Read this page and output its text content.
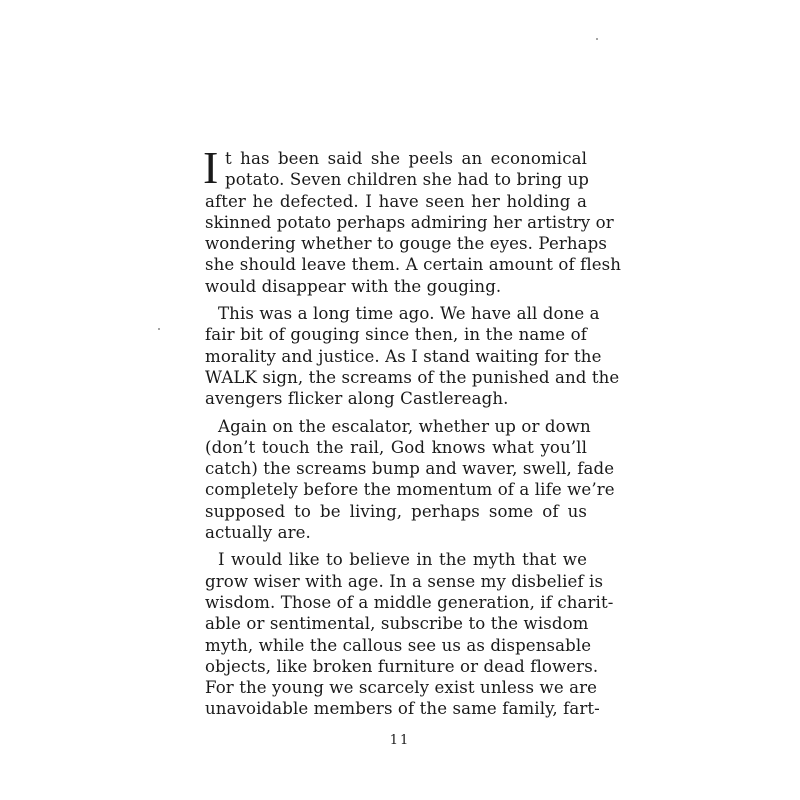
I t has been said she peels an economical
potato. Seven children she had to bring up
after he defected. I have seen her holding a
skinned potato perhaps admiring her artistry or
wondering whether to gouge the eyes. Perhaps
she should leave them. A certain amount of flesh
would disappear with the gouging.

This was a long time ago. We have all done a
fair bit of gouging since then, in the name of
morality and justice. As I stand waiting for the
WALK sign, the screams of the punished and the
avengers flicker along Castlereagh.

Again on the escalator, whether up or down
(don’t touch the rail, God knows what you’ll
catch) the screams bump and waver, swell, fade
completely before the momentum of a life we’re
supposed to be living, perhaps some of us
actually are.

I would like to believe in the myth that we
grow wiser with age. In a sense my disbelief is
wisdom. Those of a middle generation, if charit-
able or sentimental, subscribe to the wisdom
myth, while the callous see us as dispensable
objects, like broken furniture or dead flowers.
For the young we scarcely exist unless we are
unavoidable members of the same family, fart-

11
